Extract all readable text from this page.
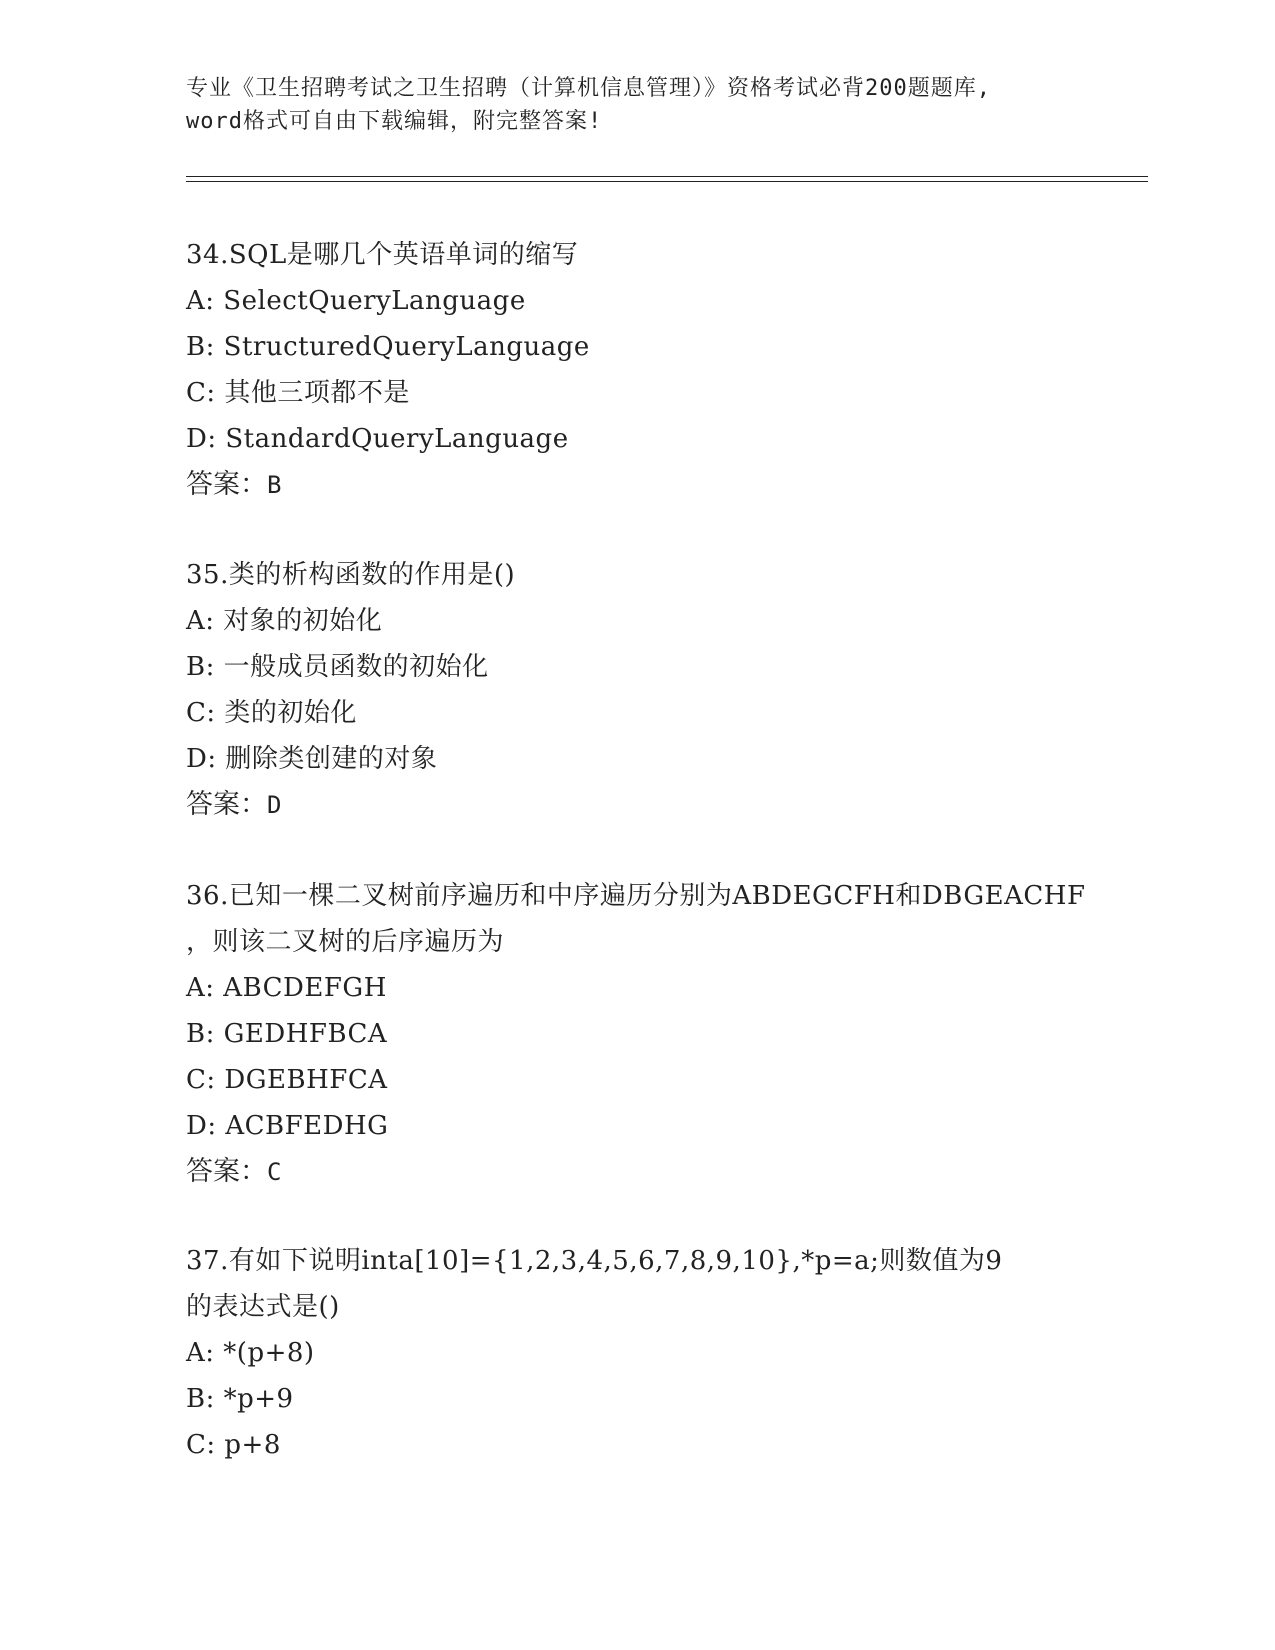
专业《卫生招聘考试之卫生招聘（计算机信息管理）》资格考试必背200题题库,
word格式可自由下载编辑，附完整答案!
34.SQL是哪几个英语单词的缩写
A: SelectQueryLanguage
B: StructuredQueryLanguage
C: 其他三项都不是
D: StandardQueryLanguage
答案：B
35.类的析构函数的作用是()
A: 对象的初始化
B: 一般成员函数的初始化
C: 类的初始化
D: 删除类创建的对象
答案：D
36.已知一棵二叉树前序遍历和中序遍历分别为ABDEGCFH和DBGEACHF
，则该二叉树的后序遍历为
A: ABCDEFGH
B: GEDHFBCA
C: DGEBHFCA
D: ACBFEDHG
答案：C
37.有如下说明inta[10]={1,2,3,4,5,6,7,8,9,10},*p=a;则数值为9
的表达式是()
A: *(p+8)
B: *p+9
C: p+8
